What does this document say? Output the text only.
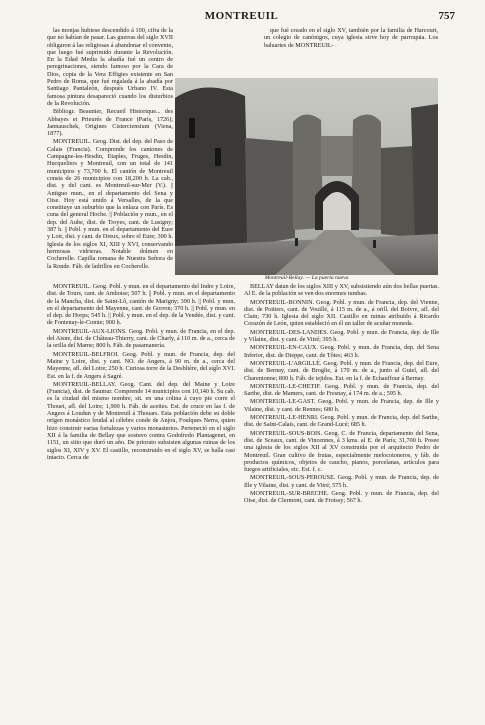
MONTREUIL	757

las monjas hubiese descendido á 100, cifra de la que no habían de pasar. Las guerras del siglo XVII obligaron á las religiosas á abandonar el convento, que luego fué suprimido durante la Revolución. En la Edad Media la abadía fué un centro de peregrinaciones, siendo famoso por la Cara de Dios, copia de la Vera Effigies existente en San Pedro de Roma, que fué regalada á la abadía por Santiago Pantaleón, después Urbano IV. Esta famosa pintura desapareció cuando los disturbios de la Revolución.

Bibliogr. Beaunier, Recueil Historique... des Abbayes et Prieurés de France (París, 1726); Jannauschek, Origines Cisterciensium (Viena, 1877).

MONTREUIL. Geog. Dist. del dep. del Paso de Calais (Francia). Comprende los cantones de Campagne-les-Hesdin, Etaples, Fruges, Hesdin, Hucqueliers y Montreuil, con un total de 141 municipios y 73,700 h. El cantón de Montreuil consta de 26 municipios con 18,200 h. La cab., dist. y del cant. es Montreuil-sur-Mer (V.). || Antiguo mun., en el departamento del Sena y Oise. Hoy está unido á Versalles, de la que constituye un suburbio que la enlaza con París. Es cuna del general Hoche. || Población y mun., en el dep. del Aube, dist. de Troyes, cant. de Lusigny; 387 h. || Pobl. y mun. en el departamento del Eure y Loir, dist. y cant. de Dreux, sobre el Eure; 300 h. Iglesia de los siglos XI, XIII y XVI, conservando hermosas vidrieras. Notable dolmen en Cocherelle. Capilla romana de Nuestra Señora de la Ronde. Fáb. de ladrillos en Cocherelle.

que fué creado en el siglo XV, también por la familia de Harcourt, un colegio de canónigos, cuya iglesia sirve hoy de parroquia. Los baluartes de MONTREUIL-

Montreuil-Bellay. — La puerta nueva

MONTREUIL. Geog. Pobl. y mun. en el departamento del Indre y Loire, dist. de Tours, cant. de Amboise; 507 h. || Pobl. y mun. en el departamento de la Mancha, dist. de Saint-Lô, cantón de Marigny; 390 h. || Pobl. y mun. en el departamento del Mayenne, cant. de Gorron; 370 h. || Pobl. y mun. en el dep. de Horps; 545 h. || Pobl. y mun. en el dep. de la Vendée, dist. y cant. de Fontenay-le-Comte; 900 h.

MONTREUIL-AUX-LIONS. Geog. Pobl. y mun. de Francia, en el dep. del Aisne, dist. de Château-Thierry, cant. de Charly, á 110 m. de a., cerca de la orilla del Marne; 800 h. Fáb. de pasamanería.

MONTREUIL-BELFROI. Geog. Pobl. y mun. de Francia, dep. del Maine y Loire, dist. y cant. NO. de Angers, á 90 m. de a., cerca del Mayenne, afl. del Loire; 250 h. Curiosa torre de la Desblière, del siglo XVI. Est. en la f. de Angers á Sagré.

MONTREUIL-BELLAY. Geog. Cant. del dep. del Maine y Loire (Francia), dist. de Saumur. Comprende 14 municipios con 10,140 h. Su cab. es la ciudad del mismo nombre, sit. en una colina á cuyo pie corre el Thouet, afl. del Loire; 1,900 h. Fáb. de aceites. Est. de cruce en las f. de Angers á Loudun y de Montreuil á Thouars. Esta población debe su doble origen monástico feudal al célebre conde de Anjou, Foulques Nerra, quien hizo construir varias fortalezas y varios monasterios. Perteneció en el siglo XII á la familia de Bellay que sostuvo contra Godofredo Plantagenet, en 1151, un sitio que duró un año. De priorato subsisten algunas ruinas de los siglos XI, XIV y XV. El castillo, reconstruido en el siglo XV, se halla casi intacto. Cerca de

BELLAY datan de los siglos XIII y XV, subsistiendo aún dos bellas puertas. Al E. de la población se ven dos enormes tumbas.

MONTREUIL-BONNIN. Geog. Pobl. y mun. de Francia, dep. del Vienne, dist. de Poitiers, cant. de Vouillé, á 115 m. de a., á orill. del Boivre, afl. del Clain; 730 h. Iglesia del siglo XII. Castillo en ruinas atribuido á Ricardo Corazón de León, quien estableció en él un taller de acuñar moneda.

MONTREUIL-DES-LANDES. Geog. Pobl. y mun. de Francia, dep. de Ille y Vilaine, dist. y cant. de Vitré; 395 h.

MONTREUIL-EN-CAUX. Geog. Pobl. y mun. de Francia, dep. del Sena Inferior, dist. de Dieppe, cant. de Tôtes; 463 h.

MONTREUIL-L'ARGILLÉ. Geog. Pobl. y mun. de Francia, dep. del Eure, dist. de Bernay, cant. de Broglie, á 170 m. de a., junto al Guiel, afl. del Charentonne; 800 h. Fáb. de tejidos. Est. en la f. de Echauffour á Bernay.

MONTREUIL-LE-CHETIF. Geog. Pobl. y mun. de Francia, dep. del Sarthe, dist. de Mamers, cant. de Fresnay, á 174 m. de a.; 595 h.

MONTREUIL-LE-GAST. Geog. Pobl. y mun. de Francia, dep. de Ille y Vilaine, dist. y cant. de Rennes; 680 h.

MONTREUIL-LE-HENRI. Geog. Pobl. y mun. de Francia, dep. del Sarthe, dist. de Saint-Calais, cant. de Grand-Lucé; 685 h.

MONTREUIL-SOUS-BOIS. Geog. C. de Francia, departamento del Sena, dist. de Sceaux, cant. de Vincennes, á 3 kms. al E. de París; 31,700 h. Posee una iglesia de los siglos XII al XV construida por el arquitecto Pedro de Montreuil. Gran cultivo de frutas, especialmente melocotoneros, y fáb. de productos químicos, objetos de caucho, pianos, porcelanas, artículos para fuegos artificiales, etc. Est. f. c.

MONTREUIL-SOUS-PEROUSE. Geog. Pobl. y mun. de Francia, dep. de Ille y Vilaine, dist. y cant. de Vitré; 575 h.

MONTREUIL-SUR-BRECHE. Geog. Pobl. y mun. de Francia, dep. del Oise, dist. de Clermont, cant. de Froissy; 567 h.
